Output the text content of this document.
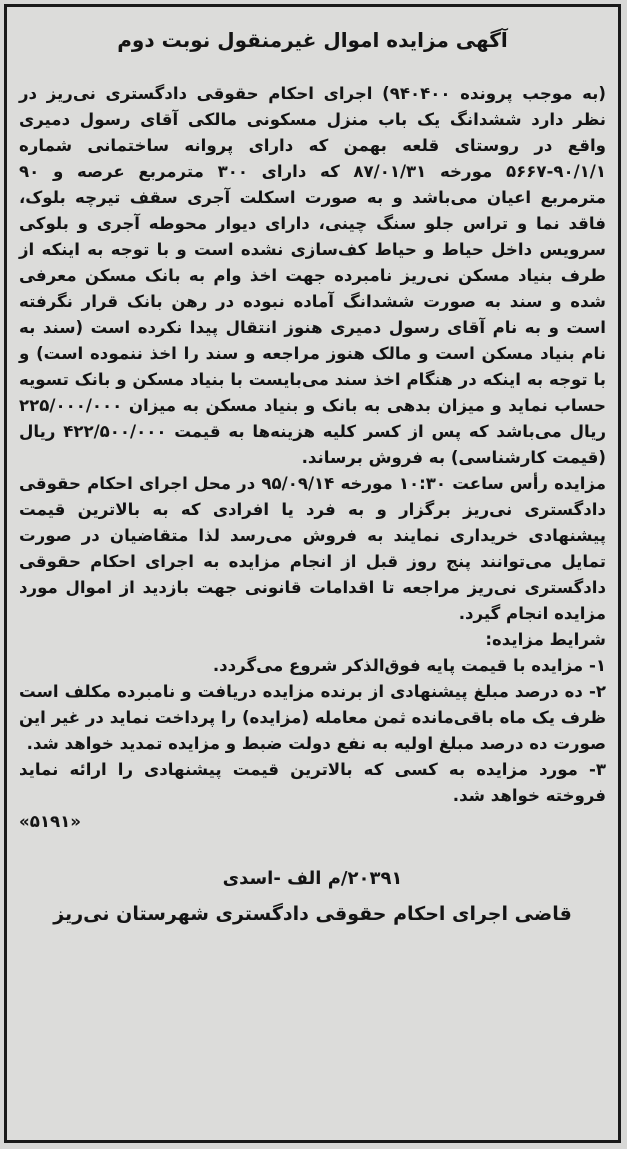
آگهی مزایده اموال غیرمنقول نوبت دوم

(به موجب پرونده ۹۴۰۴۰۰) اجرای احکام حقوقی دادگستری نی‌ریز در نظر دارد ششدانگ یک باب منزل مسکونی مالکی آقای رسول دمیری واقع در روستای قلعه بهمن که دارای پروانه ساختمانی شماره ۹۰/۱/۱-۵۶۶۷ مورخه ۸۷/۰۱/۳۱ که دارای ۳۰۰ مترمربع عرصه و ۹۰ مترمربع اعیان می‌باشد و به صورت اسکلت آجری سقف تیرچه بلوک، فاقد نما و تراس جلو سنگ چینی، دارای دیوار محوطه آجری و بلوکی سرویس داخل حیاط و حیاط کف‌سازی نشده است و با توجه به اینکه از طرف بنیاد مسکن نی‌ریز نامبرده جهت اخذ وام به بانک مسکن معرفی شده و سند به صورت ششدانگ آماده نبوده در رهن بانک قرار نگرفته است و به نام آقای رسول دمیری هنوز انتقال پیدا نکرده است (سند به نام بنیاد مسکن است و مالک هنوز مراجعه و سند را اخذ ننموده است) و با توجه به اینکه در هنگام اخذ سند می‌بایست با بنیاد مسکن و بانک تسویه حساب نماید و میزان بدهی به بانک و بنیاد مسکن به میزان ۲۲۵/۰۰۰/۰۰۰ ریال می‌باشد که پس از کسر کلیه هزینه‌ها به قیمت ۴۲۲/۵۰۰/۰۰۰ ریال (قیمت کارشناسی) به فروش برساند.

مزایده رأس ساعت ۱۰:۳۰ مورخه ۹۵/۰۹/۱۴ در محل اجرای احکام حقوقی دادگستری نی‌ریز برگزار و به فرد یا افرادی که به بالاترین قیمت پیشنهادی خریداری نمایند به فروش می‌رسد لذا متقاضیان در صورت تمایل می‌توانند پنج روز قبل از انجام مزایده به اجرای احکام حقوقی دادگستری نی‌ریز مراجعه تا اقدامات قانونی جهت بازدید از اموال مورد مزایده انجام گیرد.

شرایط مزایده:

۱- مزایده با قیمت پایه فوق‌الذکر شروع می‌گردد.

۲- ده درصد مبلغ پیشنهادی از برنده مزایده دریافت و نامبرده مکلف است ظرف یک ماه باقی‌مانده ثمن معامله (مزایده) را پرداخت نماید در غیر این صورت ده درصد مبلغ اولیه به نفع دولت ضبط و مزایده تمدید خواهد شد.

۳- مورد مزایده به کسی که بالاترین قیمت پیشنهادی را ارائه نماید فروخته خواهد شد.

«۵۱۹۱»

۲۰۳۹۱/م الف -اسدی
قاضی اجرای احکام حقوقی دادگستری شهرستان نی‌ریز
